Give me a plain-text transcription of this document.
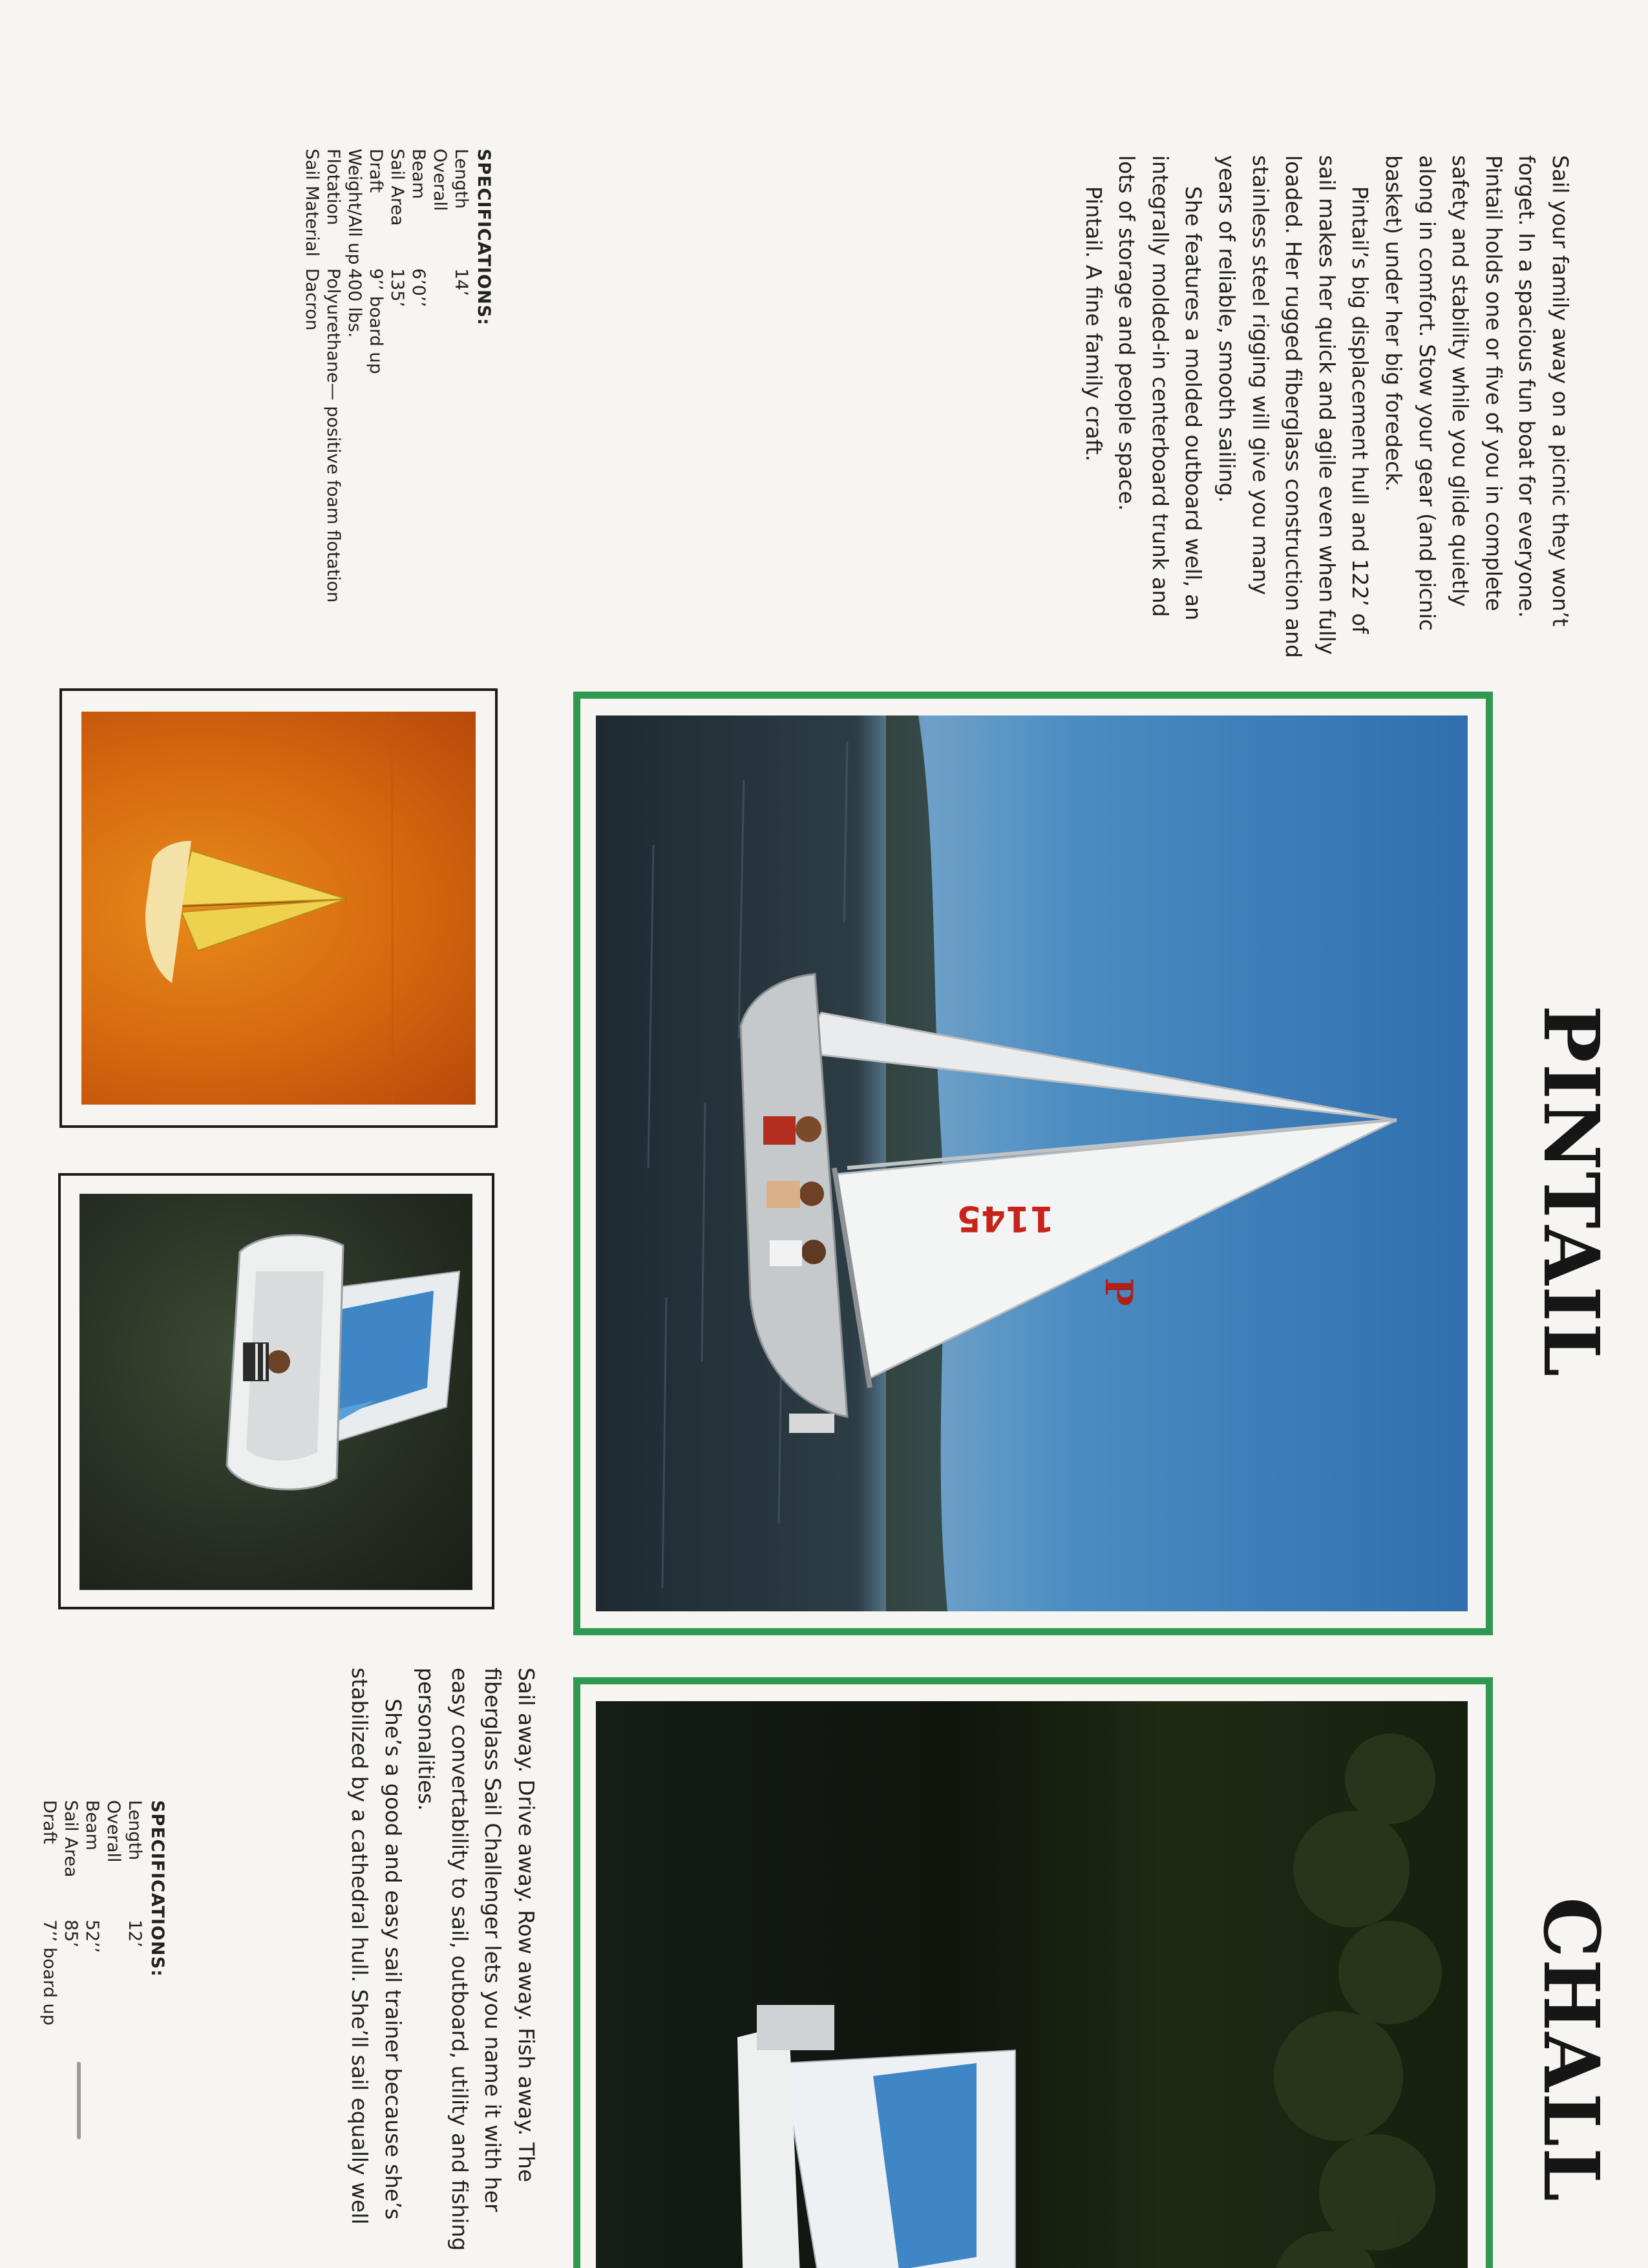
PINTAIL
P
1145

Sail your family away on a picnic they won’t forget. In a spacious fun boat for everyone. Pintail holds one or five of you in complete safety and stability while you glide quietly along in comfort. Stow your gear (and picnic basket) under her big foredeck.

Pintail’s big displacement hull and 122’ of sail makes her quick and agile even when fully loaded. Her rugged fiberglass construction and stainless steel rigging will give you many years of reliable, smooth sailing.

She features a molded outboard well, an integrally molded-in centerboard trunk and lots of storage and people space.

Pintail. A fine family craft.

SPECIFICATIONS:
Length Overall
14’
Beam
6’0’’
Sail Area
135’
Draft
9’’ board up
Weight/All up
400 lbs.
Flotation
Polyurethane— positive foam flotation
Sail Material
Dacron
CHALL

Sail away. Drive away. Row away. Fish away. The fiberglass Sail Challenger lets you name it with her easy convertability to sail, outboard, utility and fishing personalities.

She’s a good and easy sail trainer because she’s stabilized by a cathedral hull. She’ll sail equally well

SPECIFICATIONS:
Length Overall
12’
Beam
52’’
Sail Area
85’
Draft
7’’ board up
